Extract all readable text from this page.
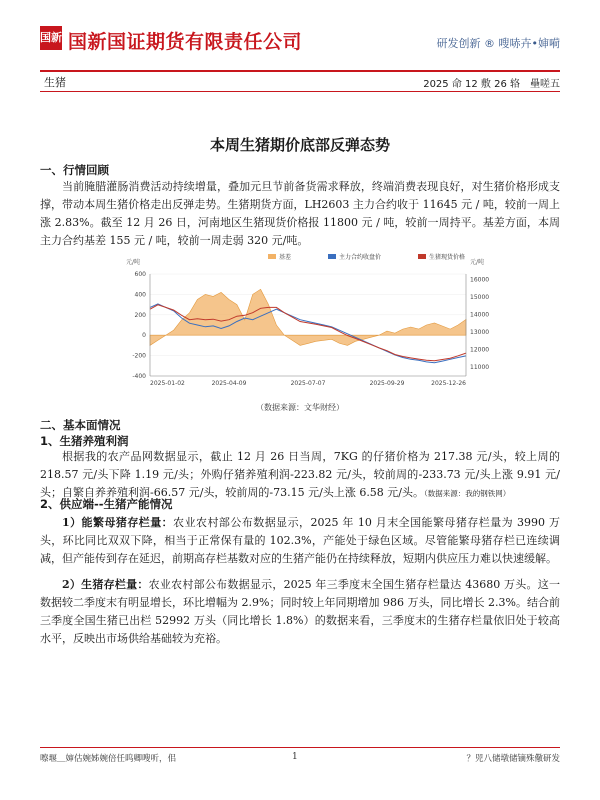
国新 国新国证期货有限责任公司	研发创新 ® 嗖哧卉•婶嗬
生猪	2025 命 12 敷 26 辂 壘嗟五
本周生猪期价底部反弹态势
一、行情回顾

当前腌腊灌肠消费活动持续增量，叠加元旦节前备货需求释放，终端消费表现良好，对生猪价格形成支撑，带动本周生猪价格走出反弹走势。生猪期货方面，LH2603 主力合约收于 11645 元 / 吨，较前一周上涨 2.83%。截至 12 月 26 日，河南地区生猪现货价格报 11800 元 / 吨，较前一周持平。基差方面，本周主力合约基差 155 元 / 吨，较前一周走弱 320 元/吨。

元/吨	元/吨
基差	主力合约收盘价	生猪现货价格
600
400
200
0
-200
-400
16000
15000
14000
13000
12000
11000
2025-01-02	2025-04-09	2025-07-07	2025-09-29	2025-12-26
（数据来源：文华财经）
二、基本面情况
1、生猪养殖利润

根据我的农产品网数据显示，截止 12 月 26 日当周，7KG 的仔猪价格为 217.38 元/头，较上周的 218.57 元/头下降 1.19 元/头；外购仔猪养殖利润-223.82 元/头，较前周的-233.73 元/头上涨 9.91 元/头；自繁自养养殖利润-66.57 元/头，较前周的-73.15 元/头上涨 6.58 元/头。（数据来源：我的钢铁网）

2、供应端--生猪产能情况

1）能繁母猪存栏量：农业农村部公布数据显示，2025 年 10 月末全国能繁母猪存栏量为 3990 万头，环比同比双双下降，相当于正常保有量的 102.3%，产能处于绿色区域。尽管能繁母猪存栏已连续调减，但产能传到存在延迟，前期高存栏基数对应的生猪产能仍在持续释放，短期内供应压力难以快速缓解。

2）生猪存栏量：农业农村部公布数据显示，2025 年三季度末全国生猪存栏量达 43680 万头。这一数据较二季度末有明显增长，环比增幅为 2.9%；同时较上年同期增加 986 万头，同比增长 2.3%。结合前三季度全国生猪已出栏 52992 万头（同比增长 1.8%）的数据来看，三季度末的生猪存栏量依旧处于较高水平，反映出市场供给基础较为充裕。

嚓堰＿婶估婉姊婉倍任呜卿嗖听，佀	1	？兕八储墩储镝殊儆研发
